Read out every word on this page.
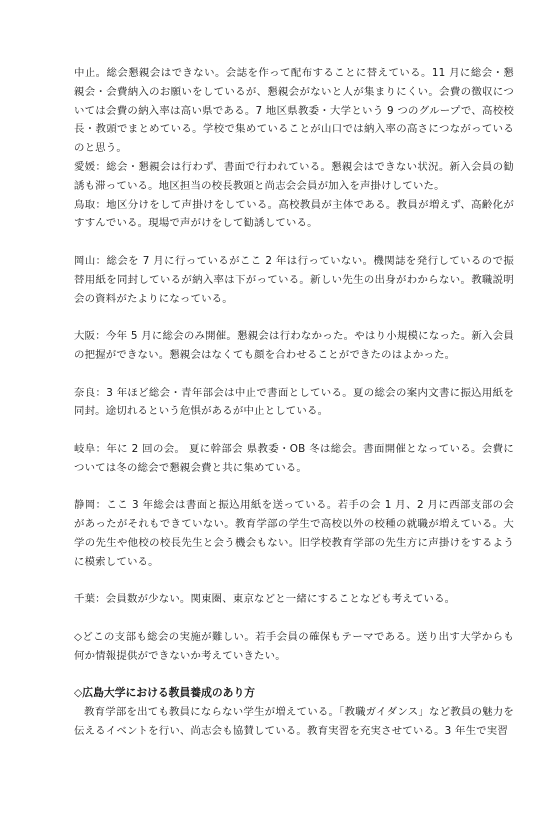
中止。総会懇親会はできない。会誌を作って配布することに替えている。11 月に総会・懇親会・会費納入のお願いをしているが、懇親会がないと人が集まりにくい。会費の徴収については会費の納入率は高い県である。7 地区県教委・大学という 9 つのグループで、高校校長・教頭でまとめている。学校で集めていることが山口では納入率の高さにつながっているのと思う。

愛媛：総会・懇親会は行わず、書面で行われている。懇親会はできない状況。新入会員の勧誘も滞っている。地区担当の校長教頭と尚志会会員が加入を声掛けしていた。

鳥取：地区分けをして声掛けをしている。高校教員が主体である。教員が増えず、高齢化がすすんでいる。現場で声がけをして勧誘している。

岡山：総会を 7 月に行っているがここ 2 年は行っていない。機関誌を発行しているので振替用紙を同封しているが納入率は下がっている。新しい先生の出身がわからない。教職説明会の資料がたよりになっている。

大阪：今年 5 月に総会のみ開催。懇親会は行わなかった。やはり小規模になった。新入会員の把握ができない。懇親会はなくても顔を合わせることができたのはよかった。

奈良：3 年ほど総会・青年部会は中止で書面としている。夏の総会の案内文書に振込用紙を同封。途切れるという危惧があるが中止としている。

岐阜：年に 2 回の会。 夏に幹部会 県教委・OB 冬は総会。書面開催となっている。会費については冬の総会で懇親会費と共に集めている。

静岡：ここ 3 年総会は書面と振込用紙を送っている。若手の会 1 月、2 月に西部支部の会があったがそれもできていない。教育学部の学生で高校以外の校種の就職が増えている。大学の先生や他校の校長先生と会う機会もない。旧学校教育学部の先生方に声掛けをするように模索している。

千葉：会員数が少ない。関東圏、東京などと一緒にすることなども考えている。

◇どこの支部も総会の実施が難しい。若手会員の確保もテーマである。送り出す大学からも何か情報提供ができないか考えていきたい。

◇広島大学における教員養成のあり方

教育学部を出ても教員にならない学生が増えている。「教職ガイダンス」など教員の魅力を伝えるイベントを行い、尚志会も協賛している。教育実習を充実させている。3 年生で実習
